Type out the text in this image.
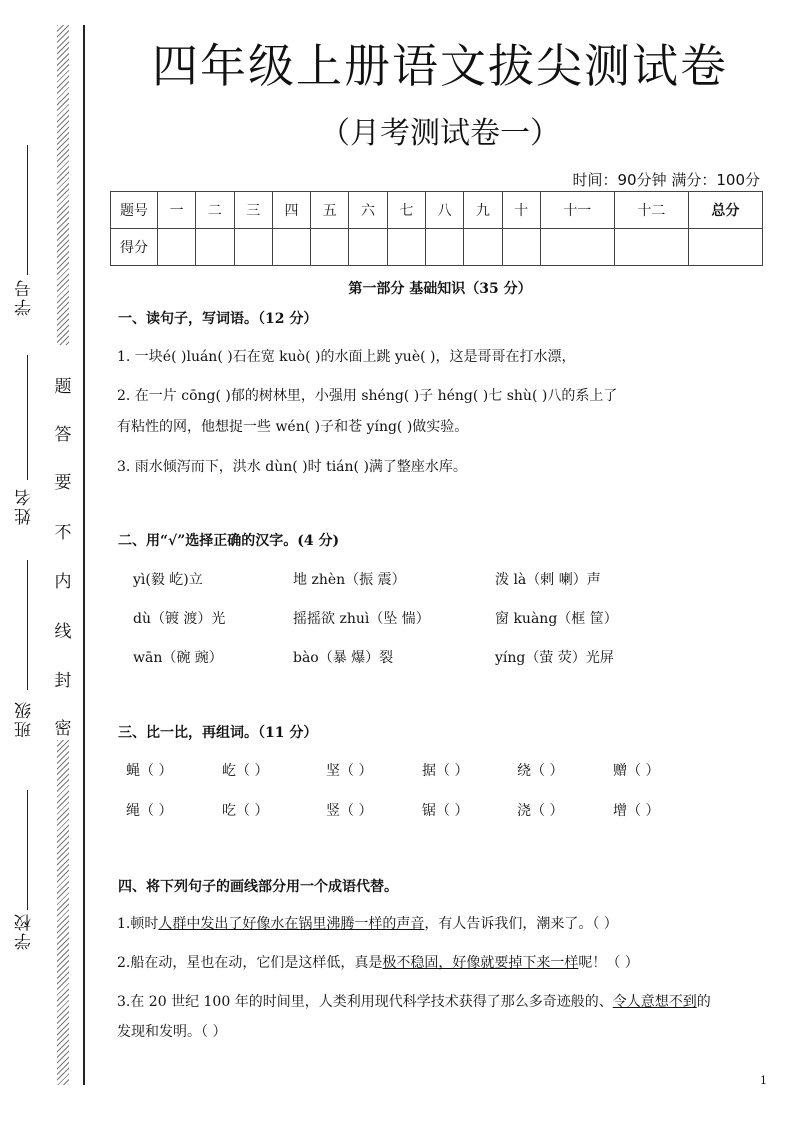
学号
姓名
班级
学校
题
答
要
不
内
线
封
密
四年级上册语文拔尖测试卷
（月考测试卷一）
时间：90分钟 满分：100分
题号	一	二	三	四	五	六	七	八	九	十	十一	十二	总分
得分													
第一部分 基础知识（35 分）
一、读句子，写词语。（12 分）
1. 一块é( )luán( )石在宽 kuò( )的水面上跳 yuè( )，这是哥哥在打水漂，
2. 在一片 cōng( )郁的树林里，小强用 shéng( )子 héng( )七 shù( )八的系上了
有粘性的网，他想捉一些 wén( )子和苍 yíng( )做实验。
3. 雨水倾泻而下，洪水 dùn( )时 tián( )满了整座水库。
二、用“√”选择正确的汉字。(4 分)
yì(毅 屹)立	地 zhèn（振 震）	泼 là（剌 喇）声
dù（镀 渡）光	摇摇欲 zhuì（坠 惴）	窗 kuàng（框 筐）
wān（碗 豌）	bào（暴 爆）裂	yíng（萤 荧）光屏
三、比一比，再组词。（11 分）
蝇（ ）	屹（ ）	坚（ ）	据（ ）	绕（ ）	赠（ ）
绳（ ）	吃（ ）	竖（ ）	锯（ ）	浇（ ）	增（ ）
四、将下列句子的画线部分用一个成语代替。
1.顿时人群中发出了好像水在锅里沸腾一样的声音，有人告诉我们，潮来了。（ ）
2.船在动，星也在动，它们是这样低，真是极不稳固，好像就要掉下来一样呢！（ ）
3.在 20 世纪 100 年的时间里，人类利用现代科学技术获得了那么多奇迹般的、令人意想不到的
发现和发明。（ ）
1
